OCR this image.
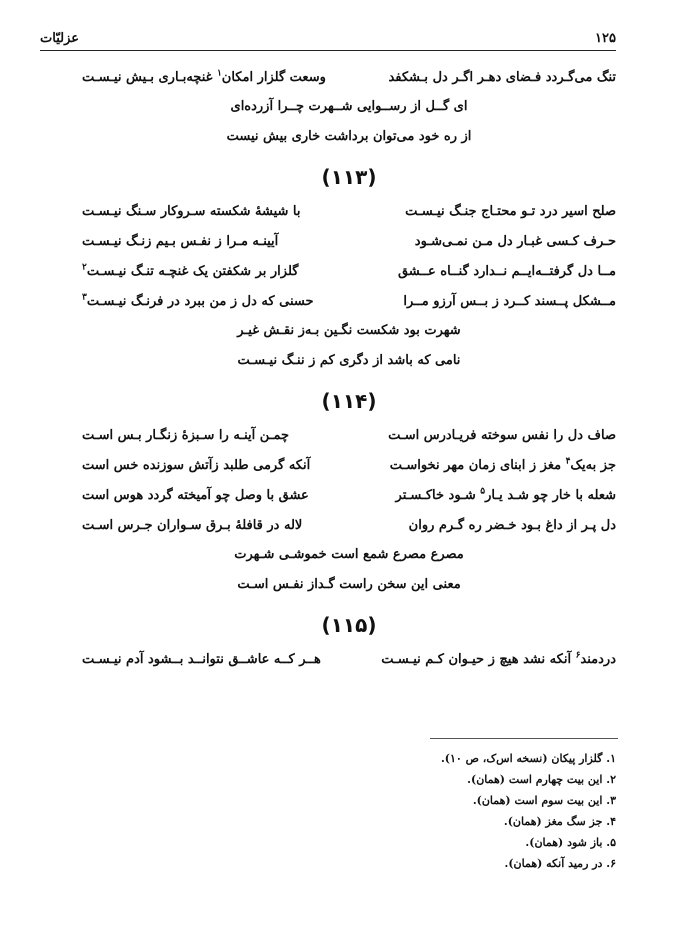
۱۲۵
عزلیّات
تنگ می‌گـردد فـضای دهـر اگـر دل بـشکفد
وسعت گلزار امکان$^۱$ غنچه‌بـاری بـیش نیـسـت
ای گــل از رســوایی شــهرت چــرا آزرده‌ای
از ره خود می‌توان برداشت خاری بیش نیست
(۱۱۳)
صلح اسیر درد تـو محتـاج جنـگ نیـسـت
با شیشهٔ شکسته سـروکار سـنگ نیـسـت
حـرف کـسی غبـار دل مـن نمـی‌شـود
آیینـه مـرا ز نفـس بـیم زنـگ نیـسـت
مــا دل گرفتــه‌ایــم نــدارد گنــاه عــشق
گلزار بر شکفتن یک غنچـه تنـگ نیـسـت$^۲$
مــشکل پــسند کــرد ز بــس آرزو مــرا
حسنی که دل ز من ببرد در فرنـگ نیـسـت$^۳$
شهرت بود شکست نگـین بـه‌ز نقـش غیـر
نامی که باشد از دگری کم ز ننـگ نیـسـت
(۱۱۴)
صاف دل را نفس سوخته فریـادرس اسـت
چمـن آینـه را سـبزهٔ زنگـار بـس اسـت
جز به‌یک$^۴$ مغز ز ابنای زمان مهر نخواسـت
آنکه گرمی طلبد زآتش سوزنده خس است
شعله با خار چو شـد یـار$^۵$ شـود خاکـسـتر
عشق با وصل چو آمیخته گردد هوس است
دل پـر از داغ بـود خـضر ره گـرم روان
لاله در قافلهٔ بـرق سـواران جـرس اسـت
مصرع مصرع شمع است خموشـی شـهرت
معنی این سخن راست گـداز نفـس اسـت
(۱۱۵)
دردمند$^۶$ آنکه نشد هیچ ز حیـوان کـم نیـسـت
هــر کــه عاشــق نتوانــد بــشود آدم نیـسـت
۱. گلزار پیکان (نسخه اس‌ک، ص ۱۰).
۲. این بیت چهارم است (همان).
۳. این بیت سوم است (همان).
۴. جز سگ مغز (همان).
۵. باز شود (همان).
۶. در رمید آنکه (همان).
